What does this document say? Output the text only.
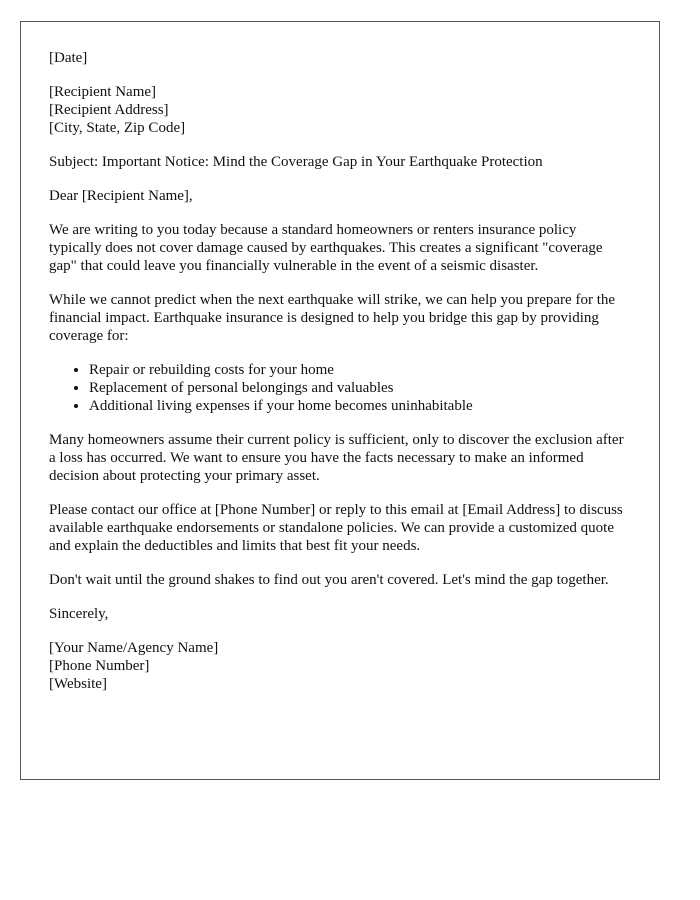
[Date]

[Recipient Name]
[Recipient Address]
[City, State, Zip Code]

Subject: Important Notice: Mind the Coverage Gap in Your Earthquake Protection

Dear [Recipient Name],

We are writing to you today because a standard homeowners or renters insurance policy typically does not cover damage caused by earthquakes. This creates a significant "coverage gap" that could leave you financially vulnerable in the event of a seismic disaster.

While we cannot predict when the next earthquake will strike, we can help you prepare for the financial impact. Earthquake insurance is designed to help you bridge this gap by providing coverage for:

• Repair or rebuilding costs for your home
• Replacement of personal belongings and valuables
• Additional living expenses if your home becomes uninhabitable

Many homeowners assume their current policy is sufficient, only to discover the exclusion after a loss has occurred. We want to ensure you have the facts necessary to make an informed decision about protecting your primary asset.

Please contact our office at [Phone Number] or reply to this email at [Email Address] to discuss available earthquake endorsements or standalone policies. We can provide a customized quote and explain the deductibles and limits that best fit your needs.

Don't wait until the ground shakes to find out you aren't covered. Let's mind the gap together.

Sincerely,

[Your Name/Agency Name]
[Phone Number]
[Website]
